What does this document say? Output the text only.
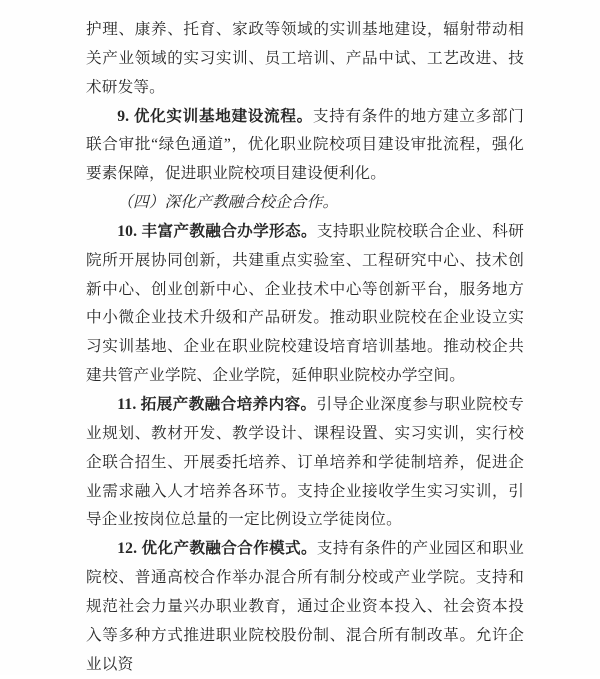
护理、康养、托育、家政等领域的实训基地建设，辐射带动相关产业领域的实习实训、员工培训、产品中试、工艺改进、技术研发等。

9. 优化实训基地建设流程。支持有条件的地方建立多部门联合审批“绿色通道”，优化职业院校项目建设审批流程，强化要素保障，促进职业院校项目建设便利化。

（四）深化产教融合校企合作。

10. 丰富产教融合办学形态。支持职业院校联合企业、科研院所开展协同创新，共建重点实验室、工程研究中心、技术创新中心、创业创新中心、企业技术中心等创新平台，服务地方中小微企业技术升级和产品研发。推动职业院校在企业设立实习实训基地、企业在职业院校建设培育培训基地。推动校企共建共管产业学院、企业学院，延伸职业院校办学空间。

11. 拓展产教融合培养内容。引导企业深度参与职业院校专业规划、教材开发、教学设计、课程设置、实习实训，实行校企联合招生、开展委托培养、订单培养和学徒制培养，促进企业需求融入人才培养各环节。支持企业接收学生实习实训，引导企业按岗位总量的一定比例设立学徒岗位。

12. 优化产教融合合作模式。支持有条件的产业园区和职业院校、普通高校合作举办混合所有制分校或产业学院。支持和规范社会力量兴办职业教育，通过企业资本投入、社会资本投入等多种方式推进职业院校股份制、混合所有制改革。允许企业以资
